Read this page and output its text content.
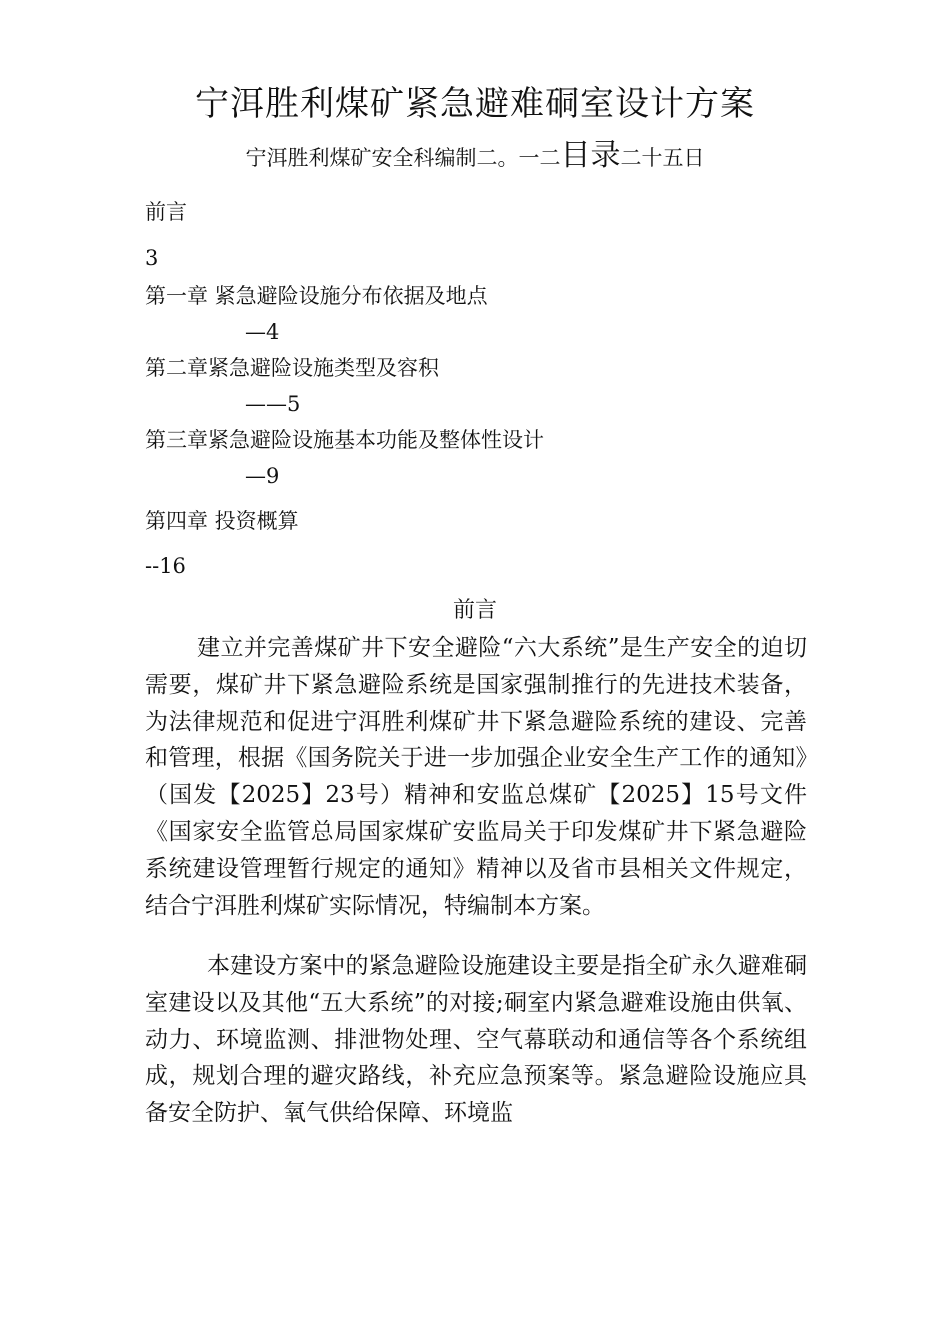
宁洱胜利煤矿紧急避难硐室设计方案
宁洱胜利煤矿安全科编制二。一二目录二十五日
前言
3
第一章 紧急避险设施分布依据及地点
—4
第二章紧急避险设施类型及容积
——5
第三章紧急避险设施基本功能及整体性设计
—9
第四章 投资概算
--16
前言
建立并完善煤矿井下安全避险“六大系统”是生产安全的迫切需要，煤矿井下紧急避险系统是国家强制推行的先进技术装备，为法律规范和促进宁洱胜利煤矿井下紧急避险系统的建设、完善和管理，根据《国务院关于进一步加强企业安全生产工作的通知》（国发【2025】23号）精神和安监总煤矿【2025】15号文件《国家安全监管总局国家煤矿安监局关于印发煤矿井下紧急避险系统建设管理暂行规定的通知》精神以及省市县相关文件规定，结合宁洱胜利煤矿实际情况，特编制本方案。
本建设方案中的紧急避险设施建设主要是指全矿永久避难硐室建设以及其他“五大系统”的对接;硐室内紧急避难设施由供氧、动力、环境监测、排泄物处理、空气幕联动和通信等各个系统组成，规划合理的避灾路线，补充应急预案等。紧急避险设施应具备安全防护、氧气供给保障、环境监
